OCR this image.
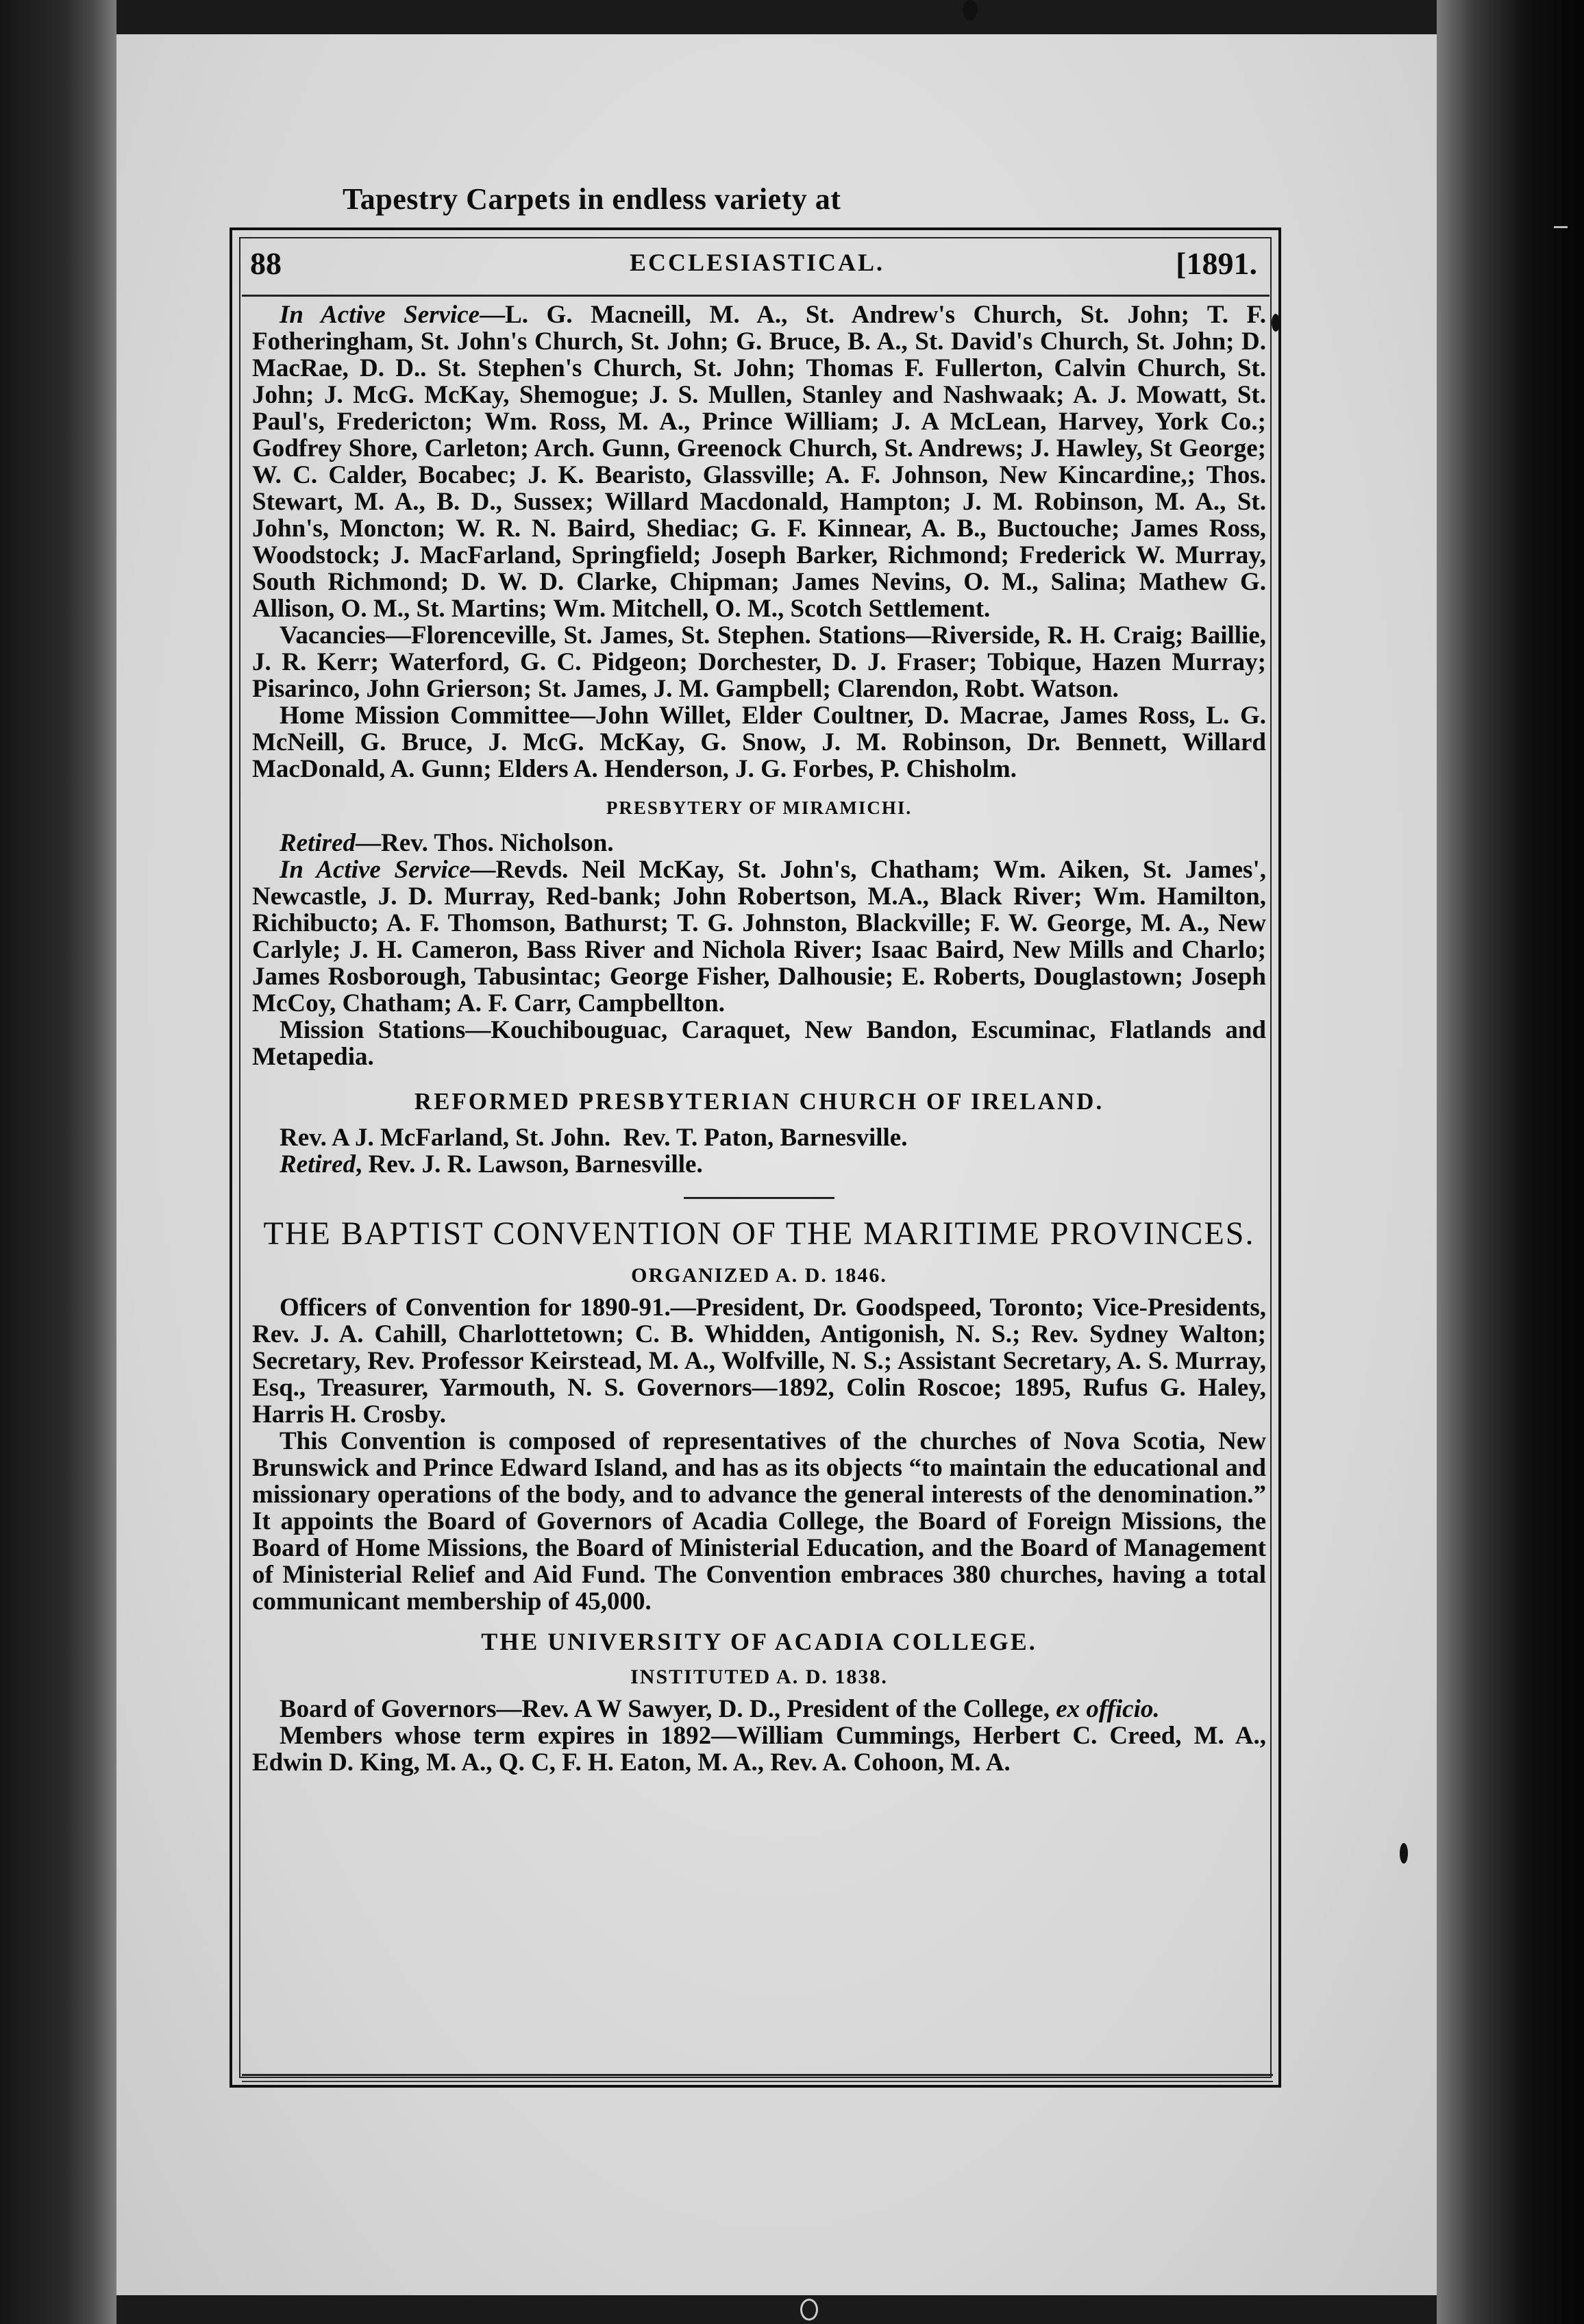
Tapestry Carpets in endless variety at
88	ECCLESIASTICAL.	[1891.

In Active Service—L. G. Macneill, M. A., St. Andrew's Church, St. John; T. F. Fotheringham, St. John's Church, St. John; G. Bruce, B. A., St. David's Church, St. John; D. MacRae, D. D.. St. Stephen's Church, St. John; Thomas F. Fullerton, Calvin Church, St. John; J. McG. McKay, Shemogue; J. S. Mullen, Stanley and Nashwaak; A. J. Mowatt, St. Paul's, Fredericton; Wm. Ross, M. A., Prince William; J. A McLean, Harvey, York Co.; Godfrey Shore, Carleton; Arch. Gunn, Greenock Church, St. Andrews; J. Hawley, St George; W. C. Calder, Bocabec; J. K. Bearisto, Glassville; A. F. Johnson, New Kincardine,; Thos. Stewart, M. A., B. D., Sussex; Willard Macdonald, Hampton; J. M. Robinson, M. A., St. John's, Moncton; W. R. N. Baird, Shediac; G. F. Kinnear, A. B., Buctouche; James Ross, Woodstock; J. MacFarland, Springfield; Joseph Barker, Richmond; Frederick W. Murray, South Richmond; D. W. D. Clarke, Chipman; James Nevins, O. M., Salina; Mathew G. Allison, O. M., St. Martins; Wm. Mitchell, O. M., Scotch Settlement.

Vacancies—Florenceville, St. James, St. Stephen. Stations—Riverside, R. H. Craig; Baillie, J. R. Kerr; Waterford, G. C. Pidgeon; Dorchester, D. J. Fraser; Tobique, Hazen Murray; Pisarinco, John Grierson; St. James, J. M. Gampbell; Clarendon, Robt. Watson.

Home Mission Committee—John Willet, Elder Coultner, D. Macrae, James Ross, L. G. McNeill, G. Bruce, J. McG. McKay, G. Snow, J. M. Robinson, Dr. Bennett, Willard MacDonald, A. Gunn; Elders A. Henderson, J. G. Forbes, P. Chisholm.

PRESBYTERY OF MIRAMICHI.

Retired—Rev. Thos. Nicholson.

In Active Service—Revds. Neil McKay, St. John's, Chatham; Wm. Aiken, St. James', Newcastle, J. D. Murray, Red-bank; John Robertson, M.A., Black River; Wm. Hamilton, Richibucto; A. F. Thomson, Bathurst; T. G. Johnston, Blackville; F. W. George, M. A., New Carlyle; J. H. Cameron, Bass River and Nichola River; Isaac Baird, New Mills and Charlo; James Rosborough, Tabusintac; George Fisher, Dalhousie; E. Roberts, Douglastown; Joseph McCoy, Chatham; A. F. Carr, Campbellton.

Mission Stations—Kouchibouguac, Caraquet, New Bandon, Escuminac, Flatlands and Metapedia.

REFORMED PRESBYTERIAN CHURCH OF IRELAND.

Rev. A J. McFarland, St. John.  Rev. T. Paton, Barnesville.

Retired, Rev. J. R. Lawson, Barnesville.

THE BAPTIST CONVENTION OF THE MARITIME PROVINCES.

ORGANIZED A. D. 1846.

Officers of Convention for 1890-91.—President, Dr. Goodspeed, Toronto; Vice-Presidents, Rev. J. A. Cahill, Charlottetown; C. B. Whidden, Antigonish, N. S.; Rev. Sydney Walton; Secretary, Rev. Professor Keirstead, M. A., Wolfville, N. S.; Assistant Secretary, A. S. Murray, Esq., Treasurer, Yarmouth, N. S. Governors—1892, Colin Roscoe; 1895, Rufus G. Haley, Harris H. Crosby.

This Convention is composed of representatives of the churches of Nova Scotia, New Brunswick and Prince Edward Island, and has as its objects “to maintain the educational and missionary operations of the body, and to advance the general interests of the denomination.” It appoints the Board of Governors of Acadia College, the Board of Foreign Missions, the Board of Home Missions, the Board of Ministerial Education, and the Board of Management of Ministerial Relief and Aid Fund. The Convention embraces 380 churches, having a total communicant membership of 45,000.

THE UNIVERSITY OF ACADIA COLLEGE.

INSTITUTED A. D. 1838.

Board of Governors—Rev. A W Sawyer, D. D., President of the College, ex officio.

Members whose term expires in 1892—William Cummings, Herbert C. Creed, M. A., Edwin D. King, M. A., Q. C, F. H. Eaton, M. A., Rev. A. Cohoon, M. A.
